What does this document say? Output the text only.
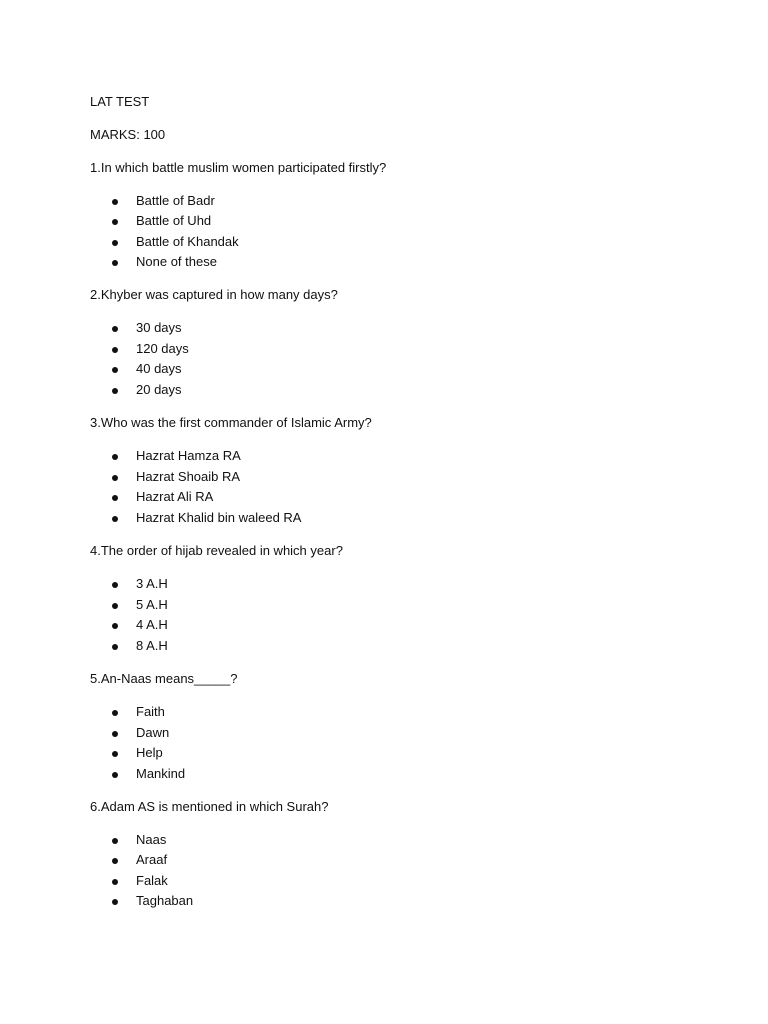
LAT TEST
MARKS: 100
1.In which battle muslim women participated firstly?
Battle of Badr
Battle of Uhd
Battle of Khandak
None of these
2.Khyber was captured in how many days?
30 days
120 days
40 days
20 days
3.Who was the first commander of Islamic Army?
Hazrat Hamza RA
Hazrat Shoaib RA
Hazrat Ali RA
Hazrat Khalid bin waleed RA
4.The order of hijab revealed in which year?
3 A.H
5 A.H
4 A.H
8 A.H
5.An-Naas means_____?
Faith
Dawn
Help
Mankind
6.Adam AS is mentioned in which Surah?
Naas
Araaf
Falak
Taghaban
